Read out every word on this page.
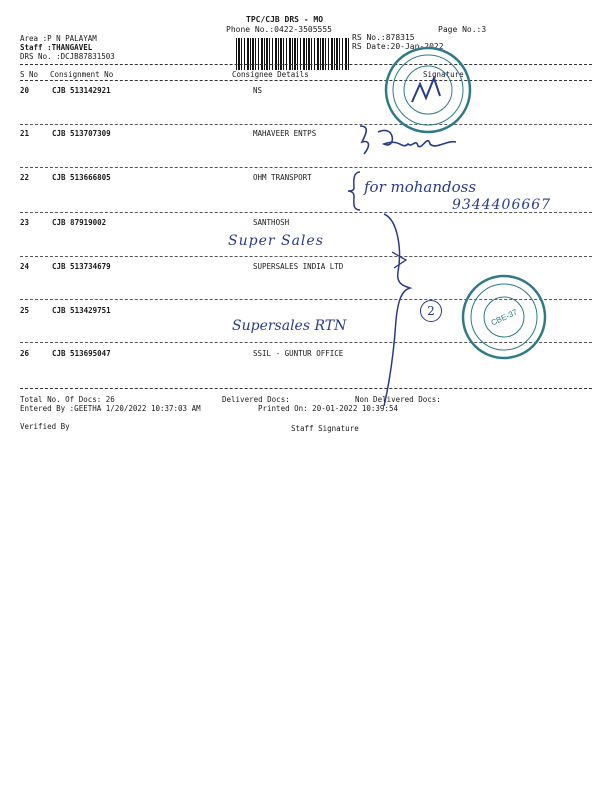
TPC/CJB DRS - MO
Phone No.:0422-3505555	Page No.:3
Area :P N PALAYAM
Staff :THANGAVEL
DRS No. :DCJB87831503
RS No.:878315
RS Date:20-Jan-2022
S No Consignment No	Consignee Details	Signature
20	CJB 513142921	NS
21	CJB 513707309	MAHAVEER ENTPS
22	CJB 513666805	OHM TRANSPORT
23	CJB 87919002	SANTHOSH
24	CJB 513734679	SUPERSALES INDIA LTD
25	CJB 513429751
26	CJB 513695047	SSIL - GUNTUR OFFICE
Total No. Of Docs: 26	Delivered Docs:	Non Delivered Docs:
Entered By :GEETHA 1/20/2022 10:37:03 AM	Printed On: 20-01-2022 10:39:54
Verified By	Staff Signature
CBE-37
for mohandoss
9344406667
Super Sales
Supersales RTN
2
